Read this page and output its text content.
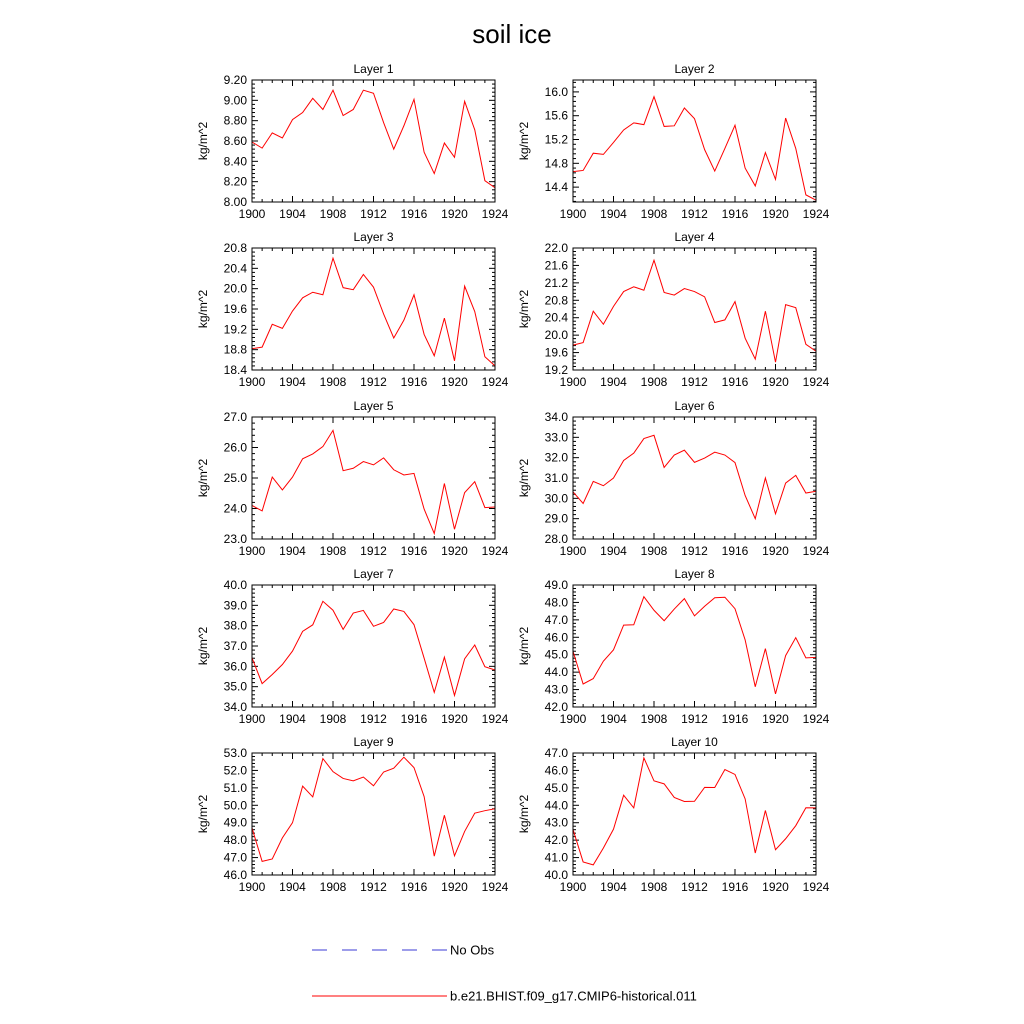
soil ice
Layer 1
kg/m^2
1900 1904 1908 1912 1916 1920 1924
8.00
8.20
8.40
8.60
8.80
9.00
9.20
Layer 2
kg/m^2
1900 1904 1908 1912 1916 1920 1924
14.4
14.8
15.2
15.6
16.0
Layer 3
kg/m^2
1900 1904 1908 1912 1916 1920 1924
18.4
18.8
19.2
19.6
20.0
20.4
20.8
Layer 4
kg/m^2
1900 1904 1908 1912 1916 1920 1924
19.2
19.6
20.0
20.4
20.8
21.2
21.6
22.0
Layer 5
kg/m^2
1900 1904 1908 1912 1916 1920 1924
23.0
24.0
25.0
26.0
27.0
Layer 6
kg/m^2
1900 1904 1908 1912 1916 1920 1924
28.0
29.0
30.0
31.0
32.0
33.0
34.0
Layer 7
kg/m^2
1900 1904 1908 1912 1916 1920 1924
34.0
35.0
36.0
37.0
38.0
39.0
40.0
Layer 8
kg/m^2
1900 1904 1908 1912 1916 1920 1924
42.0
43.0
44.0
45.0
46.0
47.0
48.0
49.0
Layer 9
kg/m^2
1900 1904 1908 1912 1916 1920 1924
46.0
47.0
48.0
49.0
50.0
51.0
52.0
53.0
Layer 10
kg/m^2
1900 1904 1908 1912 1916 1920 1924
40.0
41.0
42.0
43.0
44.0
45.0
46.0
47.0
No Obs
b.e21.BHIST.f09_g17.CMIP6-historical.011
